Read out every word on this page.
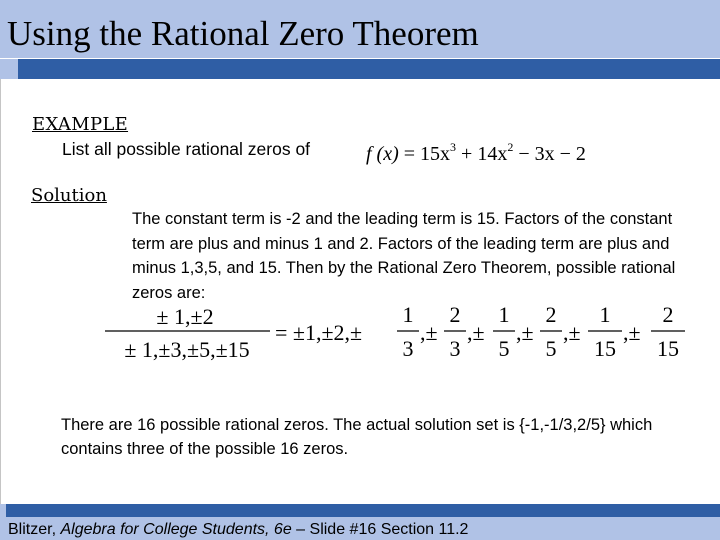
Using the Rational Zero Theorem
EXAMPLE
List all possible rational zeros of	f $(x) = 15x^3 + 14x^2 - 3x - 2$
Solution
The constant term is -2 and the leading term is 15. Factors of the constant term are plus and minus 1 and 2. Factors of the leading term are plus and minus 1,3,5, and 15. Then by the Rational Zero Theorem, possible rational zeros are:
± 1,±2
± 1,±3,±5,±15
= ±1,±2,±
1
3
,±
2
3
,±
1
5
,±
2
5
,±
1
15
,±
2
15
There are 16 possible rational zeros. The actual solution set is {-1,-1/3,2/5} which contains three of the possible 16 zeros.
Blitzer, Algebra for College Students, 6e – Slide #16 Section 11.2
